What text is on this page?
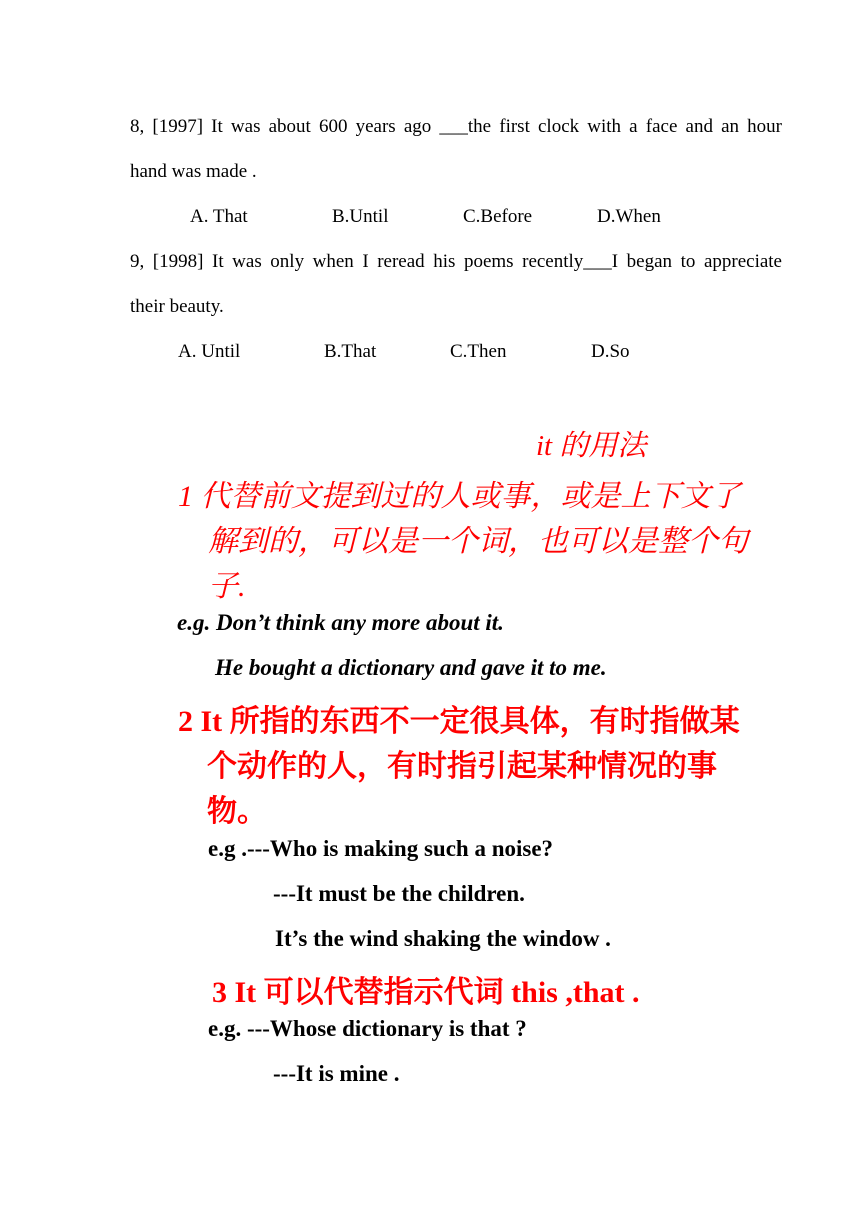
8, [1997] It was about 600 years ago ___the first clock with a face and an hour
hand was made .
A. That	B.Until	C.Before	D.When
9, [1998] It was only when I reread his poems recently___I began to appreciate
their beauty.
A. Until	B.That	C.Then	D.So
it 的用法
1 代替前文提到过的人或事，或是上下文了
解到的，可以是一个词，也可以是整个句
子.
e.g. Don’t think any more about it.
He bought a dictionary and gave it to me.
2 It 所指的东西不一定很具体，有时指做某
个动作的人，有时指引起某种情况的事
物。
e.g .---Who is making such a noise?
---It must be the children.
It’s the wind shaking the window .
3 It 可以代替指示代词 this ,that .
e.g. ---Whose dictionary is that ?
---It is mine .
